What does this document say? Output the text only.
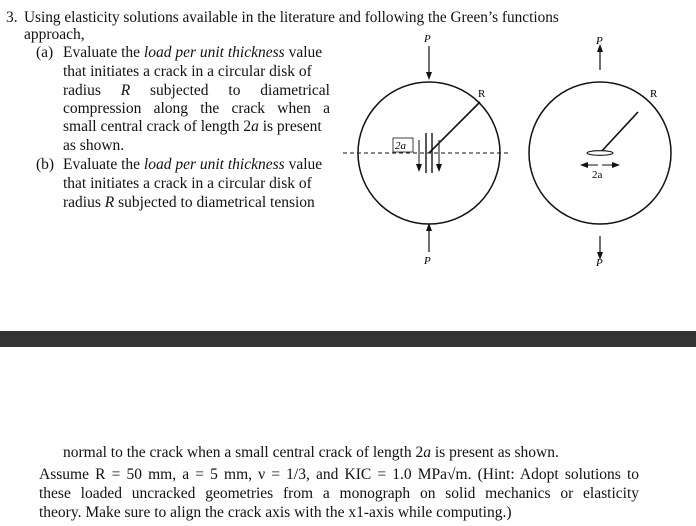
3. Using elasticity solutions available in the literature and following the Green’s functions
approach,
(a) Evaluate the load per unit thickness value
that initiates a crack in a circular disk of
radius R subjected to diametrical
compression along the crack when a
small central crack of length 2a is present
as shown.
(b) Evaluate the load per unit thickness value
that initiates a crack in a circular disk of
radius R subjected to diametrical tension
P
P
R
2a
P
P
R
2a
normal to the crack when a small central crack of length 2a is present as shown.
Assume R = 50 mm, a = 5 mm, ν = 1/3, and KIC = 1.0 MPa√m. (Hint: Adopt solutions to
these loaded uncracked geometries from a monograph on solid mechanics or elasticity
theory. Make sure to align the crack axis with the x1-axis while computing.)
